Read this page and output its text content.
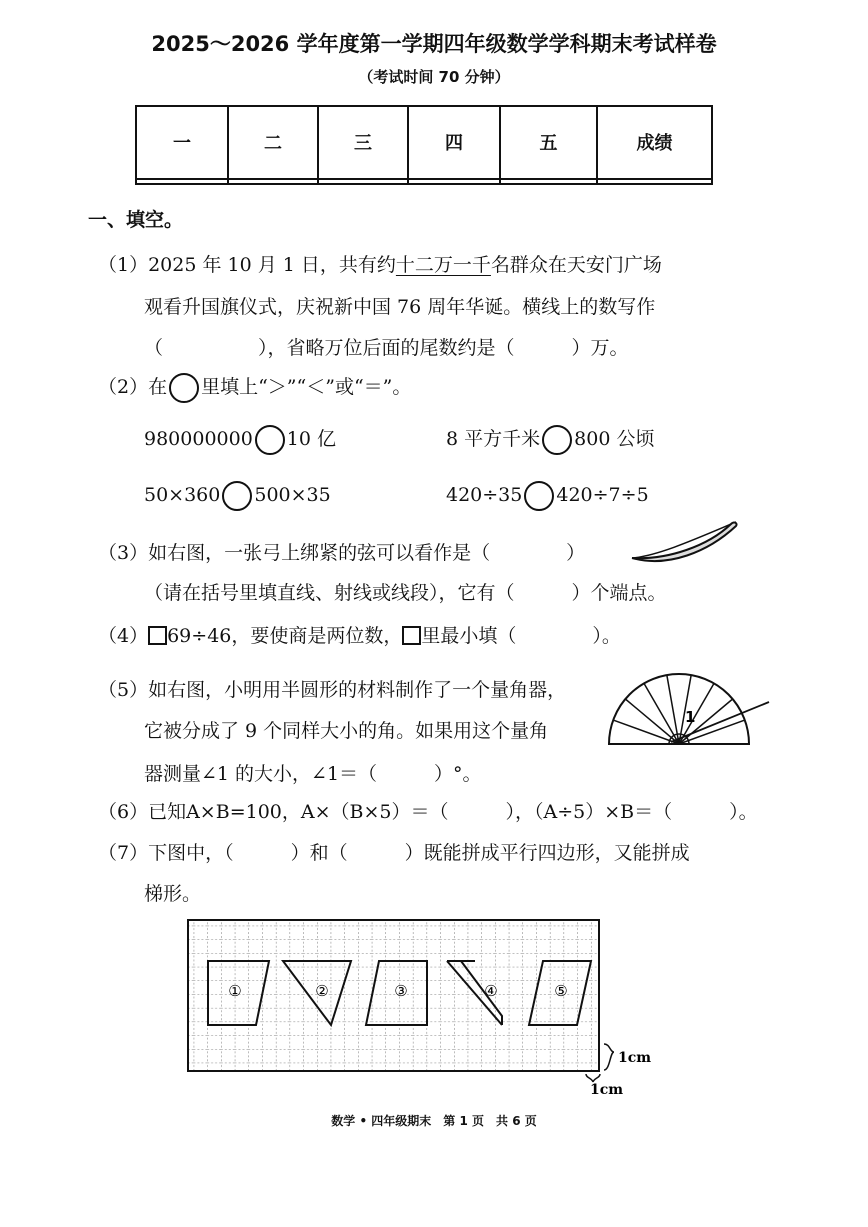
2025～2026 学年度第一学期四年级数学学科期末考试样卷
（考试时间 70 分钟）
一	二	三	四	五	成绩

一、填空。
（1）2025 年 10 月 1 日，共有约十二万一千名群众在天安门广场
观看升国旗仪式，庆祝新中国 76 周年华诞。横线上的数写作
（　　　　　），省略万位后面的尾数约是（　　　）万。
（2）在 里填上“＞”“＜”或“＝”。
980000000 10 亿	8 平方千米 800 公顷
50×360 500×35	420÷35 420÷7÷5
（3）如右图，一张弓上绑紧的弦可以看作是（　　　　）
（请在括号里填直线、射线或线段），它有（　　　）个端点。
（4） 69÷46，要使商是两位数， 里最小填（　　　　）。
（5）如右图，小明用半圆形的材料制作了一个量角器，
它被分成了 9 个同样大小的角。如果用这个量角
器测量∠1 的大小，∠1＝（　　　）°。
1
（6）已知A×B=100，A×（B×5）＝（　　　），（A÷5）×B＝（　　　）。
（7）下图中，（　　　）和（　　　）既能拼成平行四边形，又能拼成
梯形。
①	②	③	④	⑤
1cm
1cm
数学 • 四年级期末　第 1 页　共 6 页
